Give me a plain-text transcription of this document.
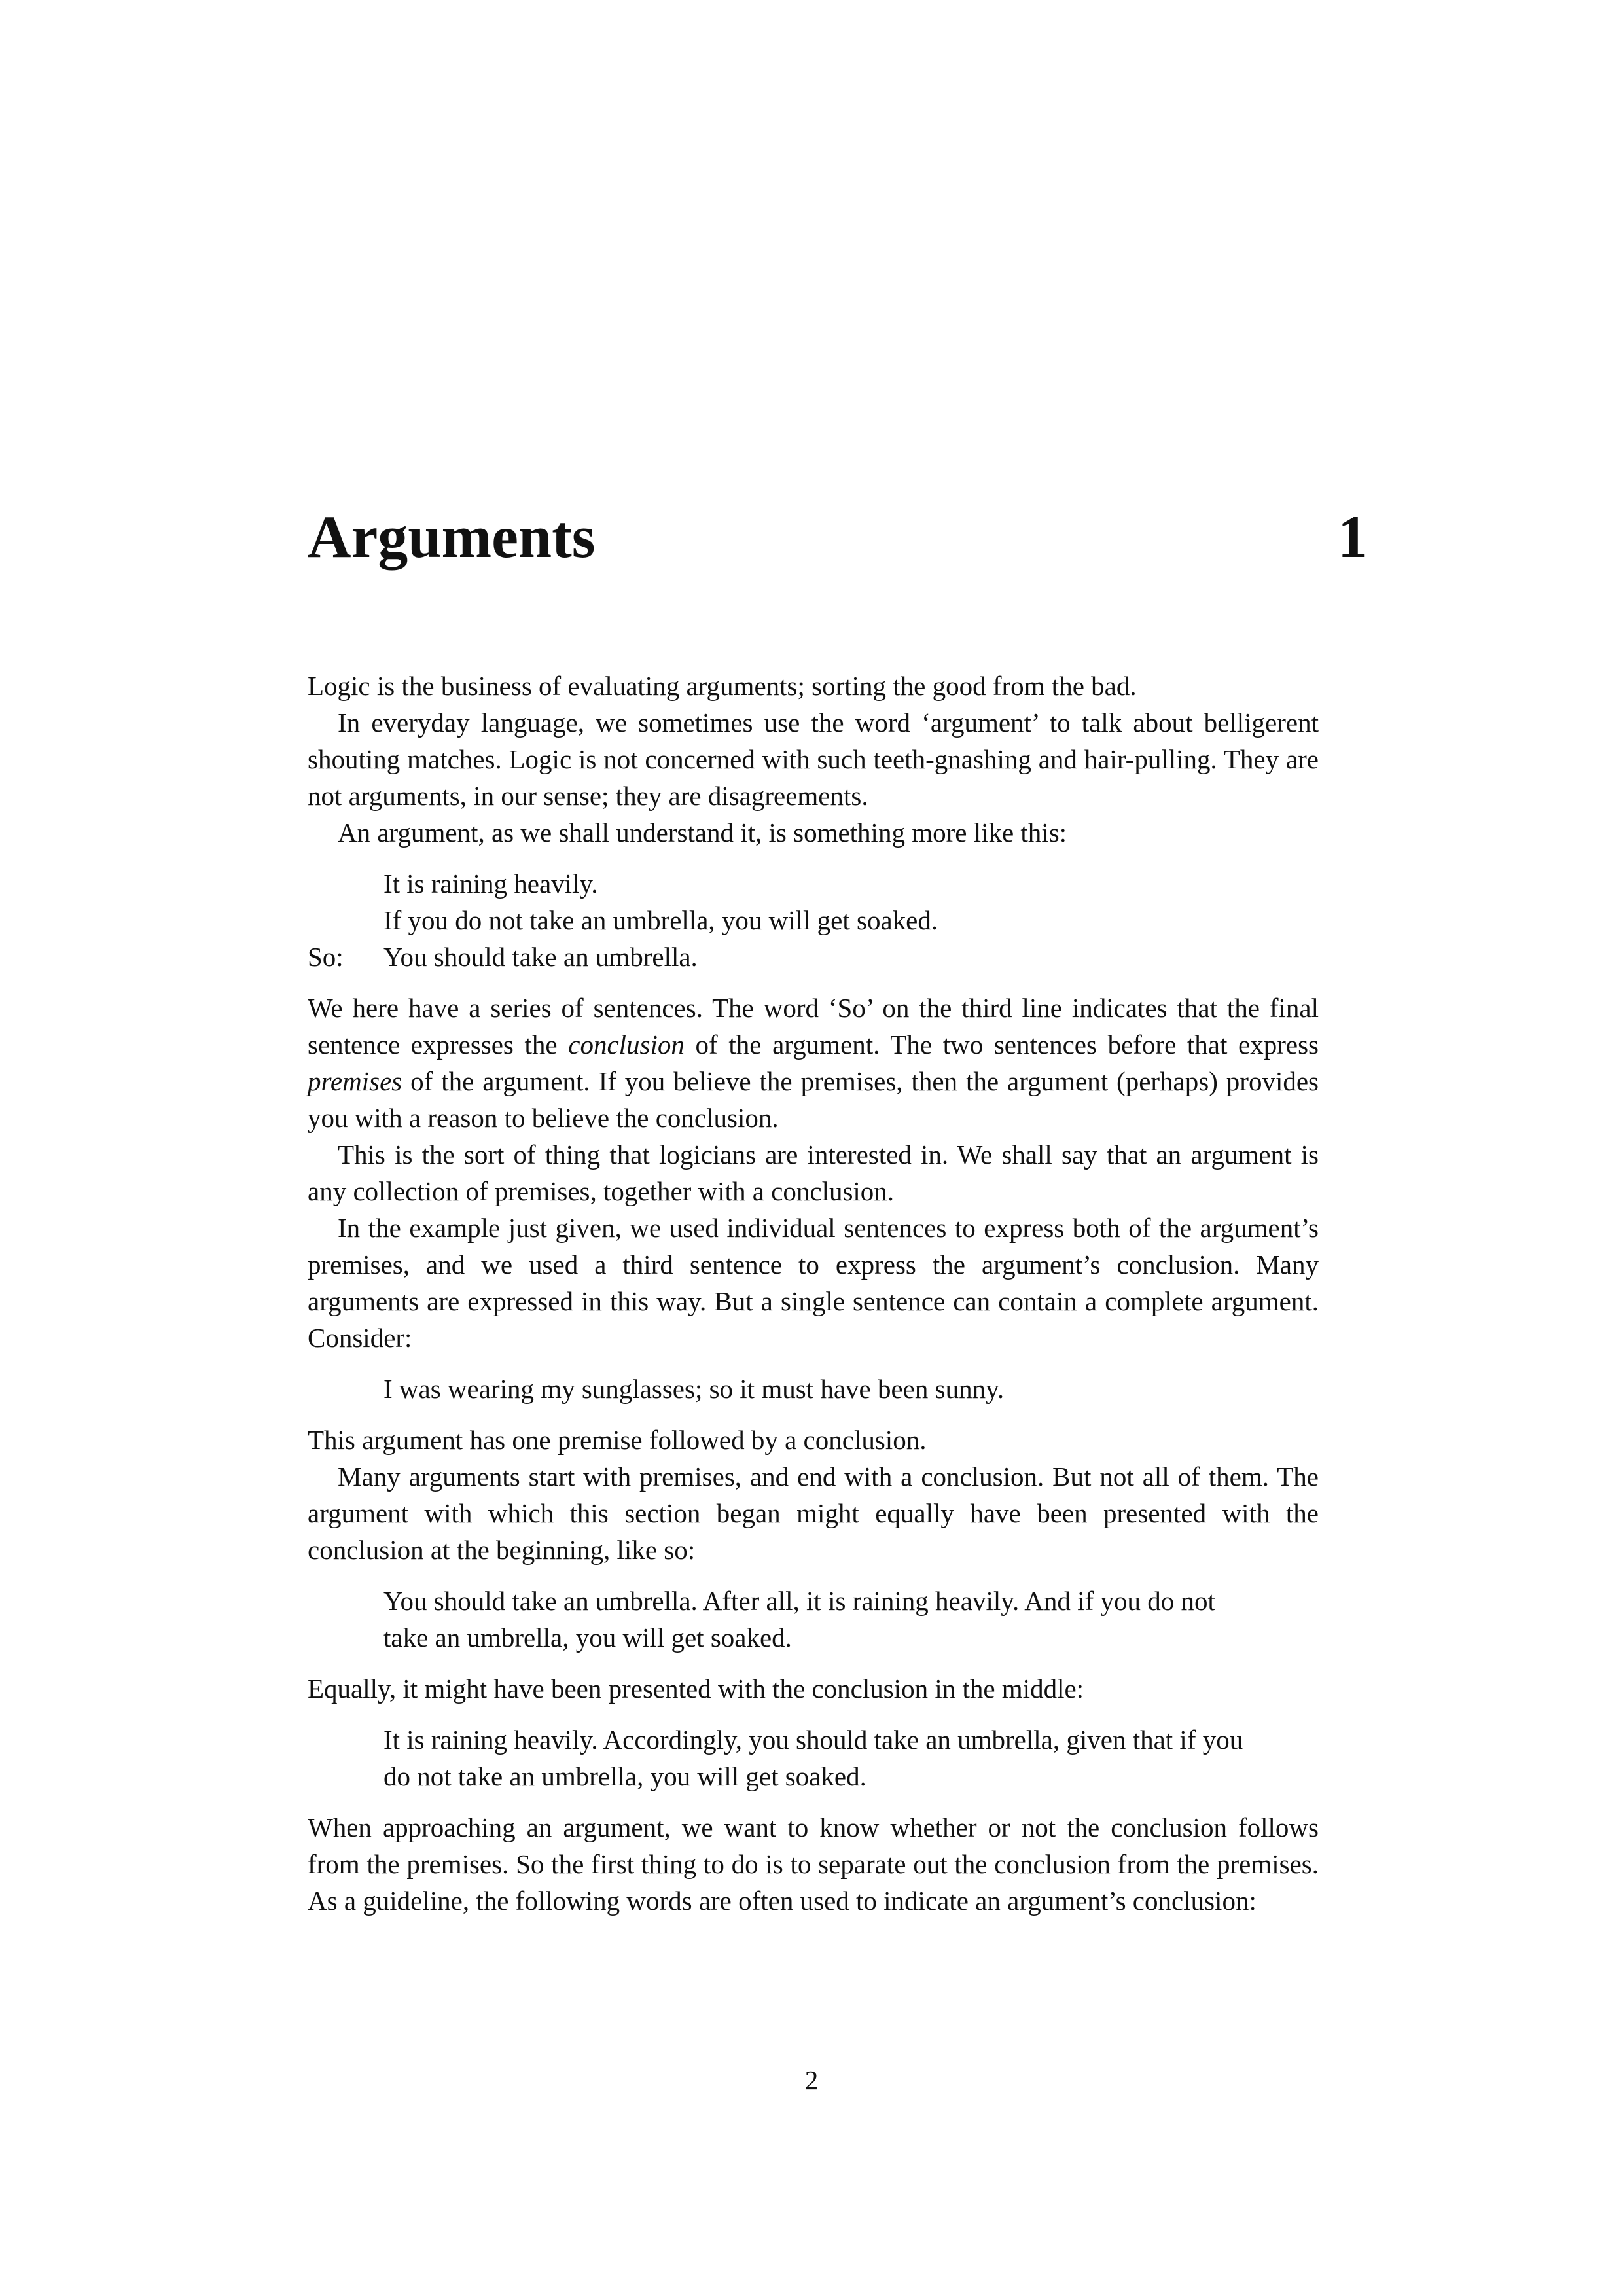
Arguments	1

Logic is the business of evaluating arguments; sorting the good from the bad.

In everyday language, we sometimes use the word ‘argument’ to talk about belligerent shouting matches. Logic is not concerned with such teeth-gnashing and hair-pulling. They are not arguments, in our sense; they are disagreements.

An argument, as we shall understand it, is something more like this:

It is raining heavily.

If you do not take an umbrella, you will get soaked.

So: You should take an umbrella.

We here have a series of sentences. The word ‘So’ on the third line indicates that the final sentence expresses the conclusion of the argument. The two sentences before that express premises of the argument. If you believe the premises, then the argument (perhaps) provides you with a reason to believe the conclusion.

This is the sort of thing that logicians are interested in. We shall say that an argument is any collection of premises, together with a conclusion.

In the example just given, we used individual sentences to express both of the argument’s premises, and we used a third sentence to express the argument’s conclusion. Many arguments are expressed in this way. But a single sentence can contain a complete argument. Consider:

I was wearing my sunglasses; so it must have been sunny.

This argument has one premise followed by a conclusion.

Many arguments start with premises, and end with a conclusion. But not all of them. The argument with which this section began might equally have been presented with the conclusion at the beginning, like so:

You should take an umbrella. After all, it is raining heavily. And if you do not take an umbrella, you will get soaked.

Equally, it might have been presented with the conclusion in the middle:

It is raining heavily. Accordingly, you should take an umbrella, given that if you do not take an umbrella, you will get soaked.

When approaching an argument, we want to know whether or not the conclusion follows from the premises. So the first thing to do is to separate out the conclusion from the premises. As a guideline, the following words are often used to indicate an argument’s conclusion:

2
